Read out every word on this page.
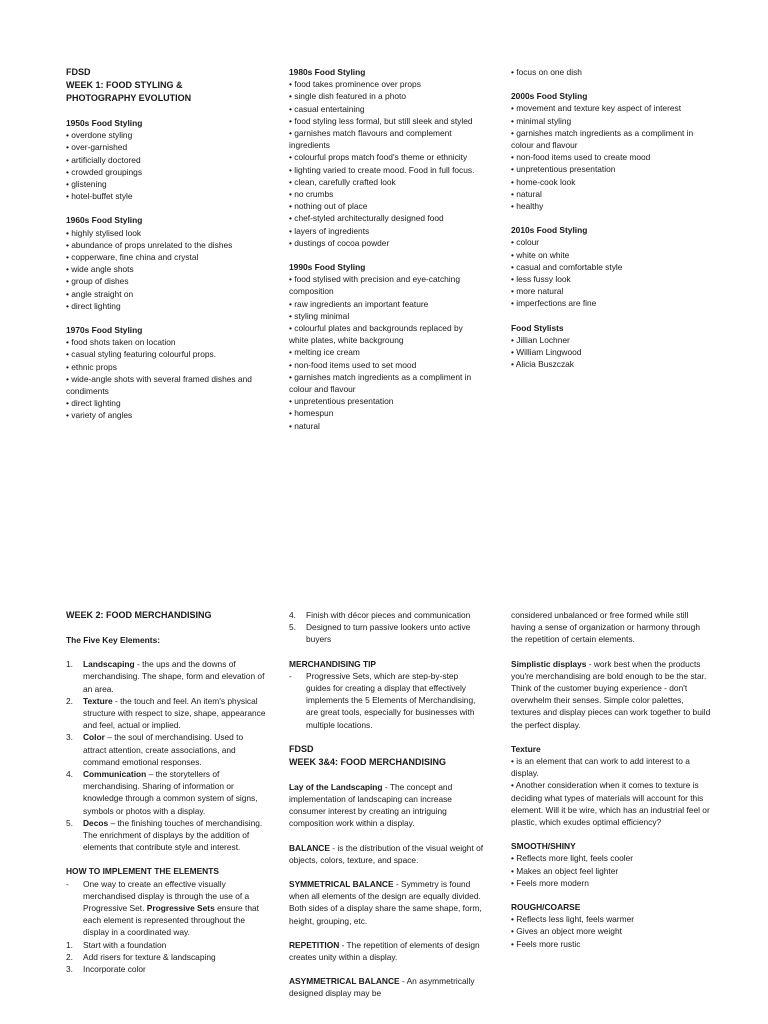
FDSD

WEEK 1: FOOD STYLING &

PHOTOGRAPHY EVOLUTION

1950s Food Styling

• overdone styling

• over-garnished

• artificially doctored

• crowded groupings

• glistening

• hotel-buffet style

1960s Food Styling

• highly stylised look

• abundance of props unrelated to the dishes

• copperware, fine china and crystal

• wide angle shots

• group of dishes

• angle straight on

• direct lighting

1970s Food Styling

• food shots taken on location

• casual styling featuring colourful props.

• ethnic props

• wide-angle shots with several framed dishes and condiments

• direct lighting

• variety of angles

1980s Food Styling

• food takes prominence over props

• single dish featured in a photo

• casual entertaining

• food styling less formal, but still sleek and styled

• garnishes match flavours and complement ingredients

• colourful props match food's theme or ethnicity

• lighting varied to create mood. Food in full focus.

• clean, carefully crafted look

• no crumbs

• nothing out of place

• chef-styled architecturally designed food

• layers of ingredients

• dustings of cocoa powder

1990s Food Styling

• food stylised with precision and eye-catching composition

• raw ingredients an important feature

• styling minimal

• colourful plates and backgrounds replaced by white plates, white backgroung

• melting ice cream

• non-food items used to set mood

• garnishes match ingredients as a compliment in colour and flavour

• unpretentious presentation

• homespun

• natural

• focus on one dish

2000s Food Styling

• movement and texture key aspect of interest

• minimal styling

• garnishes match ingredients as a compliment in colour and flavour

• non-food items used to create mood

• unpretentious presentation

• home-cook look

• natural

• healthy

2010s Food Styling

• colour

• white on white

• casual and comfortable style

• less fussy look

• more natural

• imperfections are fine

Food Stylists

• Jillian Lochner

• William Lingwood

• Alicia Buszczak

WEEK 2: FOOD MERCHANDISING

The Five Key Elements:

1. Landscaping - the ups and the downs of merchandising. The shape, form and elevation of an area.
2. Texture - the touch and feel. An item's physical structure with respect to size, shape, appearance and feel, actual or implied.
3. Color – the soul of merchandising. Used to attract attention, create associations, and command emotional responses.
4. Communication – the storytellers of merchandising. Sharing of information or knowledge through a common system of signs, symbols or photos with a display.
5. Decos – the finishing touches of merchandising. The enrichment of displays by the addition of elements that contribute style and interest.

HOW TO IMPLEMENT THE ELEMENTS

- One way to create an effective visually merchandised display is through the use of a Progressive Set. Progressive Sets ensure that each element is represented throughout the display in a coordinated way.
1. Start with a foundation
2. Add risers for texture & landscaping
3. Incorporate color
4. Finish with décor pieces and communication
5. Designed to turn passive lookers unto active buyers

MERCHANDISING TIP

- Progressive Sets, which are step-by-step guides for creating a display that effectively implements the 5 Elements of Merchandising, are great tools, especially for businesses with multiple locations.

FDSD

WEEK 3&4: FOOD MERCHANDISING

Lay of the Landscaping - The concept and implementation of landscaping can increase consumer interest by creating an intriguing composition work within a display.

BALANCE - is the distribution of the visual weight of objects, colors, texture, and space.

SYMMETRICAL BALANCE - Symmetry is found when all elements of the design are equally divided. Both sides of a display share the same shape, form, height, grouping, etc.

REPETITION - The repetition of elements of design creates unity within a display.

ASYMMETRICAL BALANCE - An asymmetrically designed display may be

considered unbalanced or free formed while still having a sense of organization or harmony through the repetition of certain elements.

Simplistic displays - work best when the products you're merchandising are bold enough to be the star. Think of the customer buying experience - don't overwhelm their senses. Simple color palettes, textures and display pieces can work together to build the perfect display.

Texture

• is an element that can work to add interest to a display.

• Another consideration when it comes to texture is deciding what types of materials will account for this element. Will it be wire, which has an industrial feel or plastic, which exudes optimal efficiency?

SMOOTH/SHINY

• Reflects more light, feels cooler

• Makes an object feel lighter

• Feels more modern

ROUGH/COARSE

• Reflects less light, feels warmer

• Gives an object more weight

• Feels more rustic
